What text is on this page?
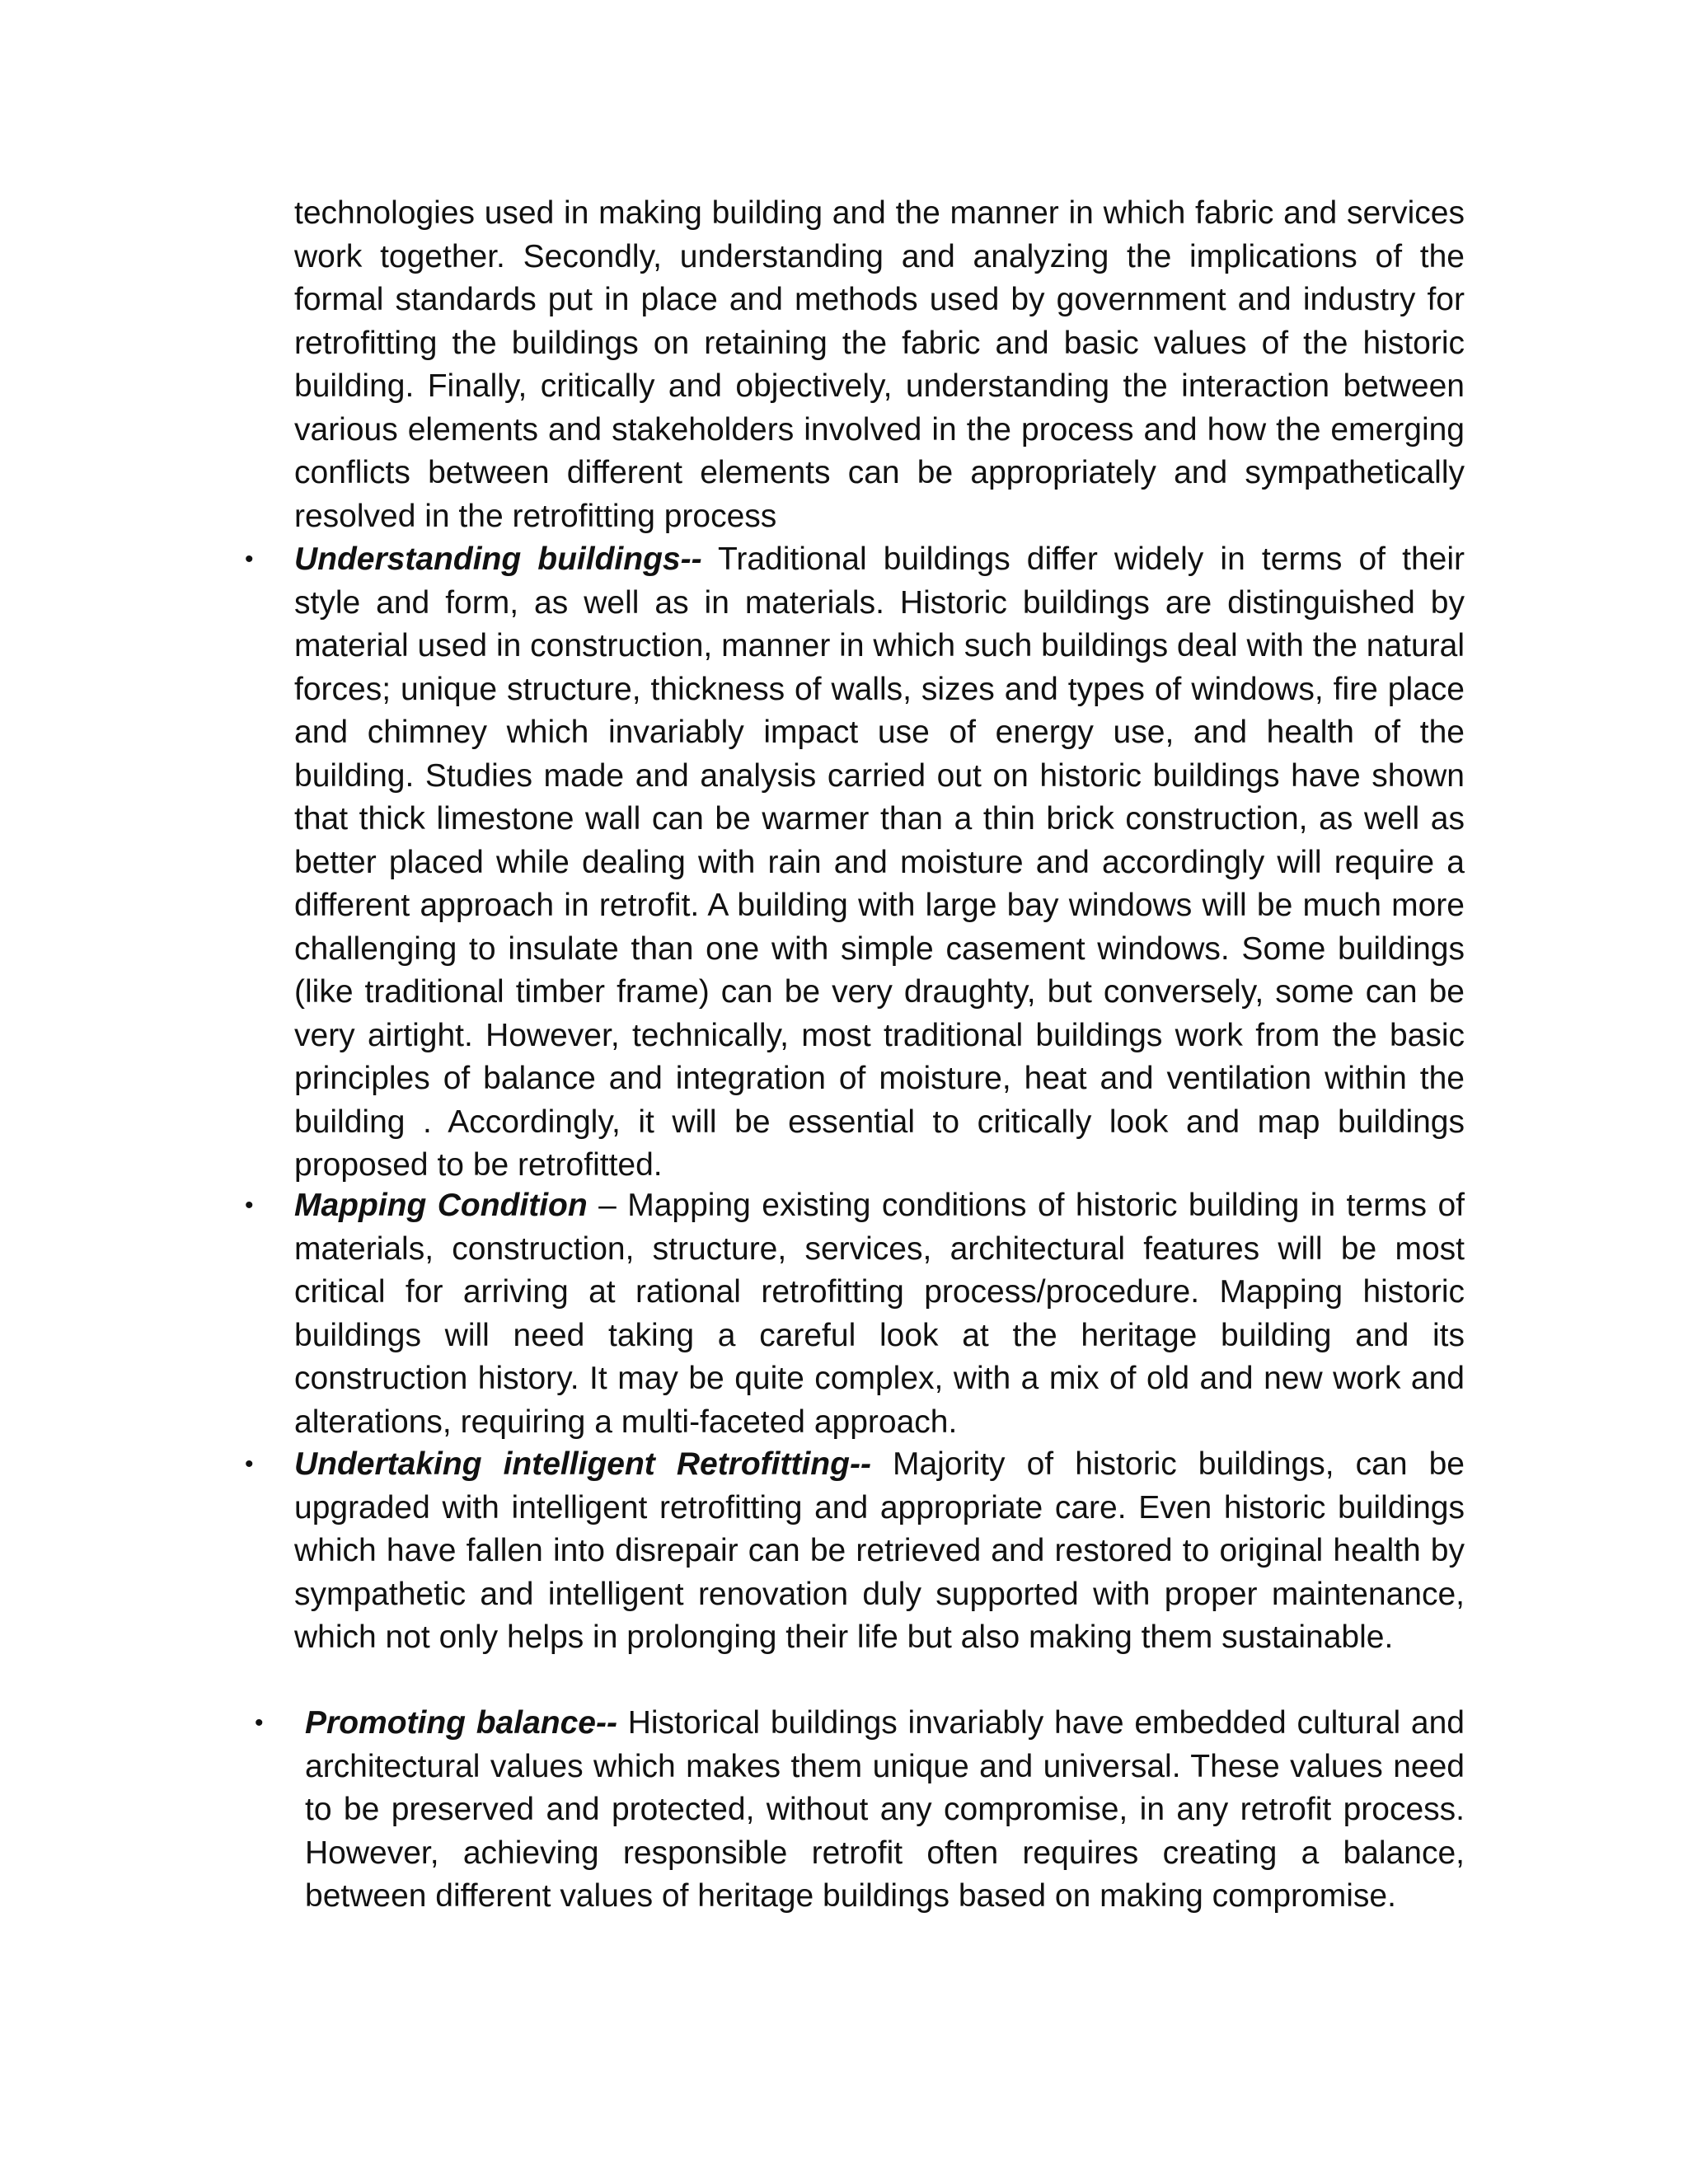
technologies used in making building and the manner in which fabric and services work together. Secondly, understanding and analyzing the implications of the formal standards put in place and methods used by government and industry for retrofitting the buildings on retaining the fabric and basic values of the historic building. Finally, critically and objectively, understanding the interaction between various elements and stakeholders involved in the process and how the emerging conflicts between different elements can be appropriately and sympathetically resolved in the retrofitting process

• Understanding buildings-- Traditional buildings differ widely in terms of their style and form, as well as in materials. Historic buildings are distinguished by material used in construction, manner in which such buildings deal with the natural forces; unique structure, thickness of walls, sizes and types of windows, fire place and chimney which invariably impact use of energy use, and health of the building. Studies made and analysis carried out on historic buildings have shown that thick limestone wall can be warmer than a thin brick construction, as well as better placed while dealing with rain and moisture and accordingly will require a different approach in retrofit. A building with large bay windows will be much more challenging to insulate than one with simple casement windows. Some buildings (like traditional timber frame) can be very draughty, but conversely, some can be very airtight. However, technically, most traditional buildings work from the basic principles of balance and integration of moisture, heat and ventilation within the building . Accordingly, it will be essential to critically look and map buildings proposed to be retrofitted.

• Mapping Condition – Mapping existing conditions of historic building in terms of materials, construction, structure, services, architectural features will be most critical for arriving at rational retrofitting process/procedure. Mapping historic buildings will need taking a careful look at the heritage building and its construction history. It may be quite complex, with a mix of old and new work and alterations, requiring a multi-faceted approach.

• Undertaking intelligent Retrofitting-- Majority of historic buildings, can be upgraded with intelligent retrofitting and appropriate care. Even historic buildings which have fallen into disrepair can be retrieved and restored to original health by sympathetic and intelligent renovation duly supported with proper maintenance, which not only helps in prolonging their life but also making them sustainable.

• Promoting balance-- Historical buildings invariably have embedded cultural and architectural values which makes them unique and universal. These values need to be preserved and protected, without any compromise, in any retrofit process. However, achieving responsible retrofit often requires creating a balance, between different values of heritage buildings based on making compromise.
